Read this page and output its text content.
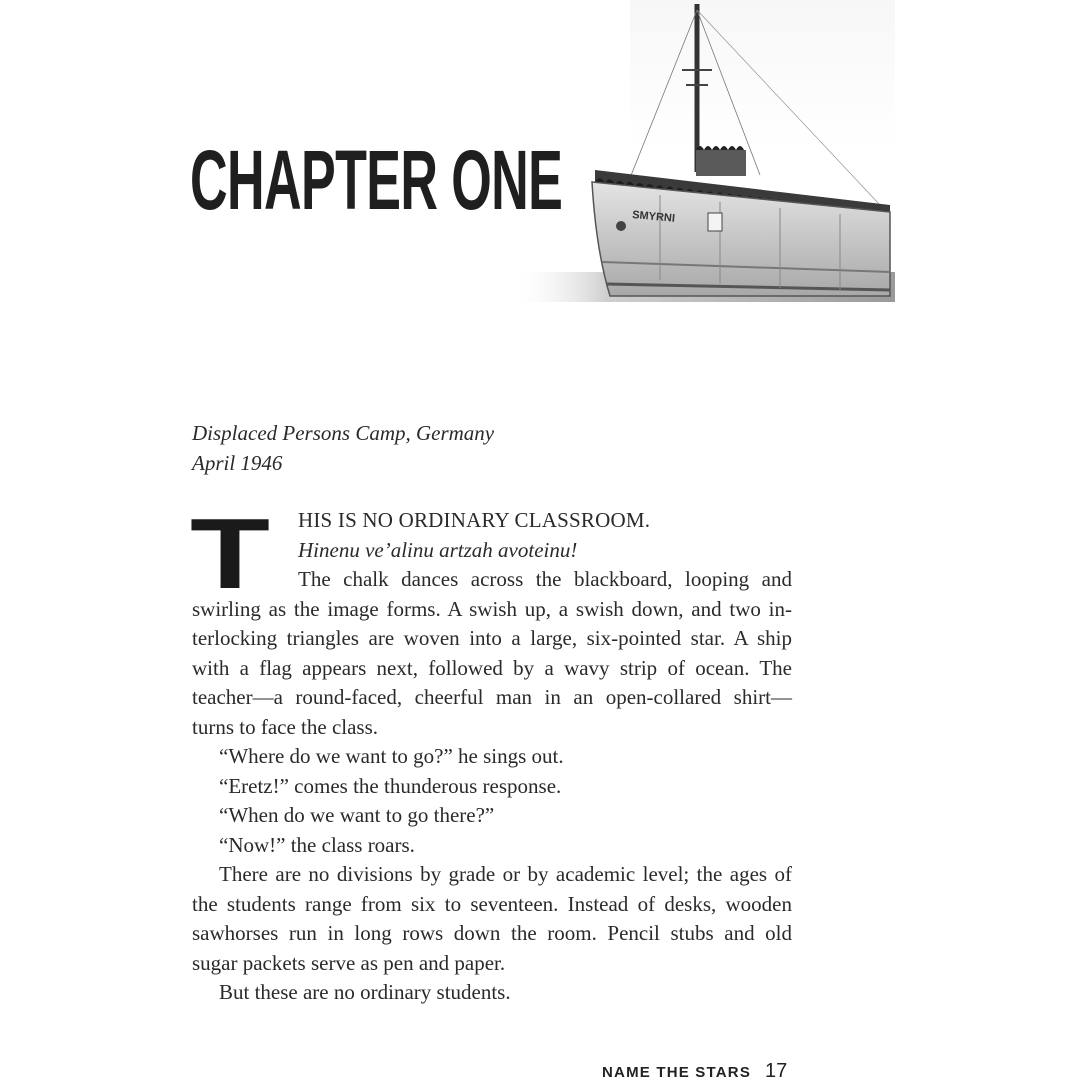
CHAPTER ONE	SMYRNI
Displaced Persons Camp, Germany
April 1946
T	HIS IS NO ORDINARY CLASSROOM.
Hinenu ve’alinu artzah avoteinu!
The chalk dances across the blackboard, looping and
swirling as the image forms. A swish up, a swish down, and two in-
terlocking triangles are woven into a large, six-pointed star. A ship
with a flag appears next, followed by a wavy strip of ocean. The
teacher—a round-faced, cheerful man in an open-collared shirt—
turns to face the class.
“Where do we want to go?” he sings out.
“Eretz!” comes the thunderous response.
“When do we want to go there?”
“Now!” the class roars.
There are no divisions by grade or by academic level; the ages of
the students range from six to seventeen. Instead of desks, wooden
sawhorses run in long rows down the room. Pencil stubs and old
sugar packets serve as pen and paper.
But these are no ordinary students.
NAME THE STARS 17
